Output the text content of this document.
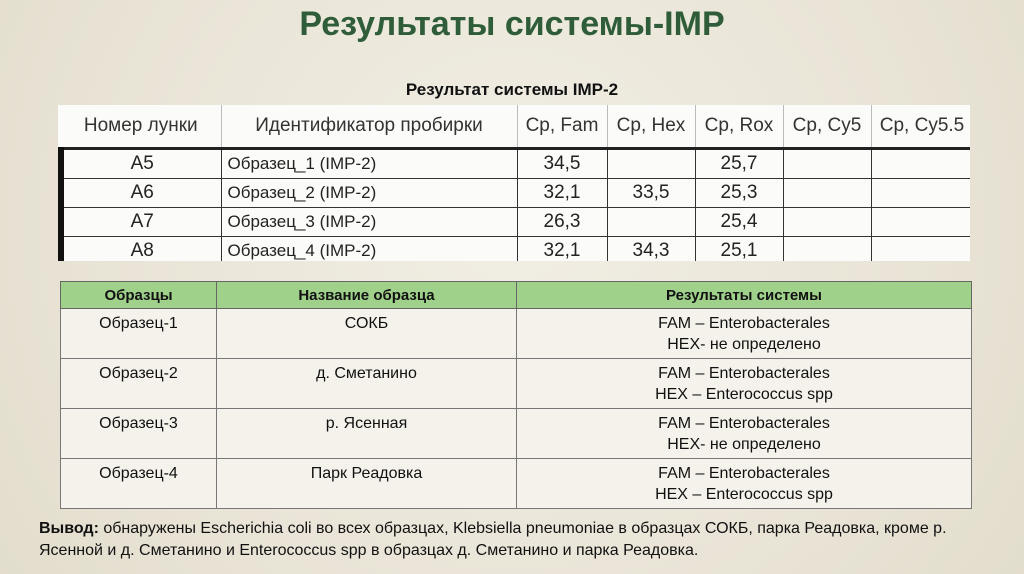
Результаты системы-IMP
Результат системы IMP-2
Номер лунки	Идентификатор пробирки	Cp, Fam	Cp, Hex	Cp, Rox	Cp, Cy5	Cp, Cy5.5
A5	Образец_1 (IMP-2)	34,5		25,7		
A6	Образец_2 (IMP-2)	32,1	33,5	25,3		
A7	Образец_3 (IMP-2)	26,3		25,4		
A8	Образец_4 (IMP-2)	32,1	34,3	25,1		
Образцы	Название образца	Результаты системы
Образец-1	СОКБ	FAM – Enterobacterales
HEX- не определено

Образец-2	д. Сметанино	FAM – Enterobacterales
HEX – Enterococcus spp

Образец-3	р. Ясенная	FAM – Enterobacterales
HEX- не определено

Образец-4	Парк Реадовка	FAM – Enterobacterales
HEX – Enterococcus spp
Вывод: обнаружены Escherichia coli во всех образцах, Klebsiella pneumoniae в образцах СОКБ, парка Реадовка, кроме р. Ясенной и д. Сметанино и Enterococcus spp в образцах д. Сметанино и парка Реадовка.
